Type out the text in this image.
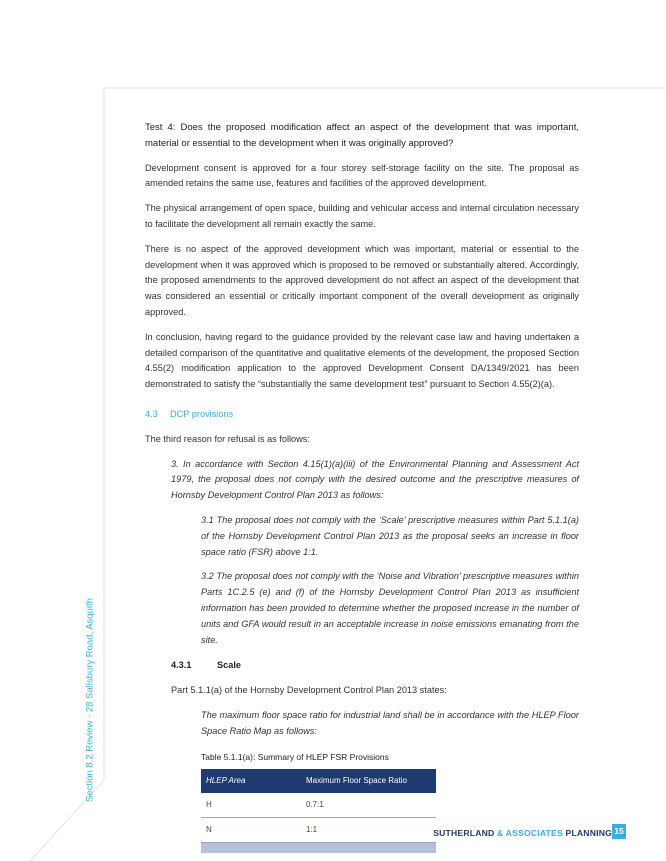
Section 8.2 Review - 28 Salisbury Road, Asquith

Test 4: Does the proposed modification affect an aspect of the development that was important, material or essential to the development when it was originally approved?

Development consent is approved for a four storey self-storage facility on the site. The proposal as amended retains the same use, features and facilities of the approved development.

The physical arrangement of open space, building and vehicular access and internal circulation necessary to facilitate the development all remain exactly the same.

There is no aspect of the approved development which was important, material or essential to the development when it was approved which is proposed to be removed or substantially altered. Accordingly, the proposed amendments to the approved development do not affect an aspect of the development that was considered an essential or critically important component of the overall development as originally approved.

In conclusion, having regard to the guidance provided by the relevant case law and having undertaken a detailed comparison of the quantitative and qualitative elements of the development, the proposed Section 4.55(2) modification application to the approved Development Consent DA/1349/2021 has been demonstrated to satisfy the “substantially the same development test” pursuant to Section 4.55(2)(a).

4.3 DCP provisions

The third reason for refusal is as follows:

3. In accordance with Section 4.15(1)(a)(iii) of the Environmental Planning and Assessment Act 1979, the proposal does not comply with the desired outcome and the prescriptive measures of Hornsby Development Control Plan 2013 as follows:

3.1 The proposal does not comply with the ‘Scale’ prescriptive measures within Part 5.1.1(a) of the Hornsby Development Control Plan 2013 as the proposal seeks an increase in floor space ratio (FSR) above 1:1.

3.2 The proposal does not comply with the ‘Noise and Vibration’ prescriptive measures within Parts 1C.2.5 (e) and (f) of the Hornsby Development Control Plan 2013 as insufficient information has been provided to determine whether the proposed increase in the number of units and GFA would result in an acceptable increase in noise emissions emanating from the site.

4.3.1	Scale

Part 5.1.1(a) of the Hornsby Development Control Plan 2013 states:

The maximum floor space ratio for industrial land shall be in accordance with the HLEP Floor Space Ratio Map as follows:

Table 5.1.1(a): Summary of HLEP FSR Provisions
HLEP Area	Maximum Floor Space Ratio
H	0.7:1
N	1:1
		SUTHERLAND & ASSOCIATES PLANNING 15
